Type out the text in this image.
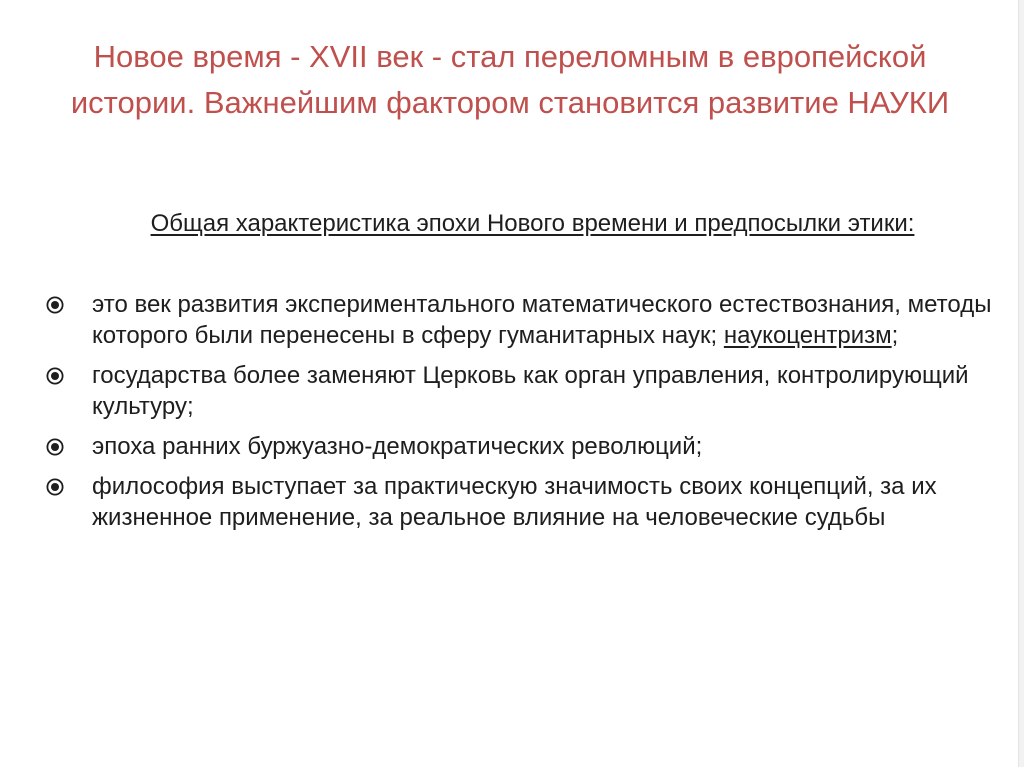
Новое время - XVII век - стал переломным в европейской истории. Важнейшим фактором становится развитие НАУКИ
Общая характеристика эпохи Нового времени и предпосылки этики:
это век развития экспериментального математического естествознания, методы которого были перенесены в сферу гуманитарных наук; наукоцентризм;
государства более заменяют Церковь как орган управления, контролирующий культуру;
эпоха ранних буржуазно-демократических революций;
философия выступает за практическую значимость своих концепций, за их жизненное применение, за реальное влияние на человеческие судьбы
